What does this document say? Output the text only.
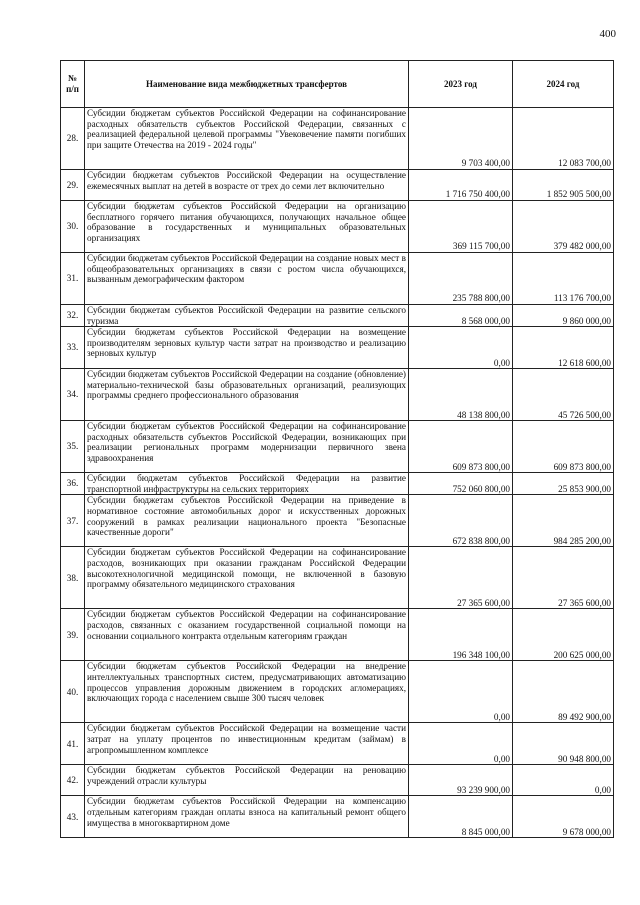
400
№
п/п	Наименование вида межбюджетных трансфертов	2023 год	2024 год
28.	Субсидии бюджетам субъектов Российской Федерации на софинансирование расходных обязательств субъектов Российской Федерации, связанных с реализацией федеральной целевой программы "Увековечение памяти погибших при защите Отечества на 2019 - 2024 годы"	9 703 400,00	12 083 700,00
29.	Субсидии бюджетам субъектов Российской Федерации на осуществление ежемесячных выплат на детей в возрасте от трех до семи лет включительно	1 716 750 400,00	1 852 905 500,00
30.	Субсидии бюджетам субъектов Российской Федерации на организацию бесплатного горячего питания обучающихся, получающих начальное общее образование в государственных и муниципальных образовательных организациях	369 115 700,00	379 482 000,00
31.	Субсидии бюджетам субъектов Российской Федерации на создание новых мест в общеобразовательных организациях в связи с ростом числа обучающихся, вызванным демографическим фактором	235 788 800,00	113 176 700,00
32.	Субсидии бюджетам субъектов Российской Федерации на развитие сельского туризма	8 568 000,00	9 860 000,00
33.	Субсидии бюджетам субъектов Российской Федерации на возмещение производителям зерновых культур части затрат на производство и реализацию зерновых культур	0,00	12 618 600,00
34.	Субсидии бюджетам субъектов Российской Федерации на создание (обновление) материально-технической базы образовательных организаций, реализующих программы среднего профессионального образования	48 138 800,00	45 726 500,00
35.	Субсидии бюджетам субъектов Российской Федерации на софинансирование расходных обязательств субъектов Российской Федерации, возникающих при реализации региональных программ модернизации первичного звена здравоохранения	609 873 800,00	609 873 800,00
36.	Субсидии бюджетам субъектов Российской Федерации на развитие транспортной инфраструктуры на сельских территориях	752 060 800,00	25 853 900,00
37.	Субсидии бюджетам субъектов Российской Федерации на приведение в нормативное состояние автомобильных дорог и искусственных дорожных сооружений в рамках реализации национального проекта "Безопасные качественные дороги"	672 838 800,00	984 285 200,00
38.	Субсидии бюджетам субъектов Российской Федерации на софинансирование расходов, возникающих при оказании гражданам Российской Федерации высокотехнологичной медицинской помощи, не включенной в базовую программу обязательного медицинского страхования	27 365 600,00	27 365 600,00
39.	Субсидии бюджетам субъектов Российской Федерации на софинансирование расходов, связанных с оказанием государственной социальной помощи на основании социального контракта отдельным категориям граждан	196 348 100,00	200 625 000,00
40.	Субсидии бюджетам субъектов Российской Федерации на внедрение интеллектуальных транспортных систем, предусматривающих автоматизацию процессов управления дорожным движением в городских агломерациях, включающих города с населением свыше 300 тысяч человек	0,00	89 492 900,00
41.	Субсидии бюджетам субъектов Российской Федерации на возмещение части затрат на уплату процентов по инвестиционным кредитам (займам) в агропромышленном комплексе	0,00	90 948 800,00
42.	Субсидии бюджетам субъектов Российской Федерации на реновацию учреждений отрасли культуры	93 239 900,00	0,00
43.	Субсидии бюджетам субъектов Российской Федерации на компенсацию отдельным категориям граждан оплаты взноса на капитальный ремонт общего имущества в многоквартирном доме	8 845 000,00	9 678 000,00
